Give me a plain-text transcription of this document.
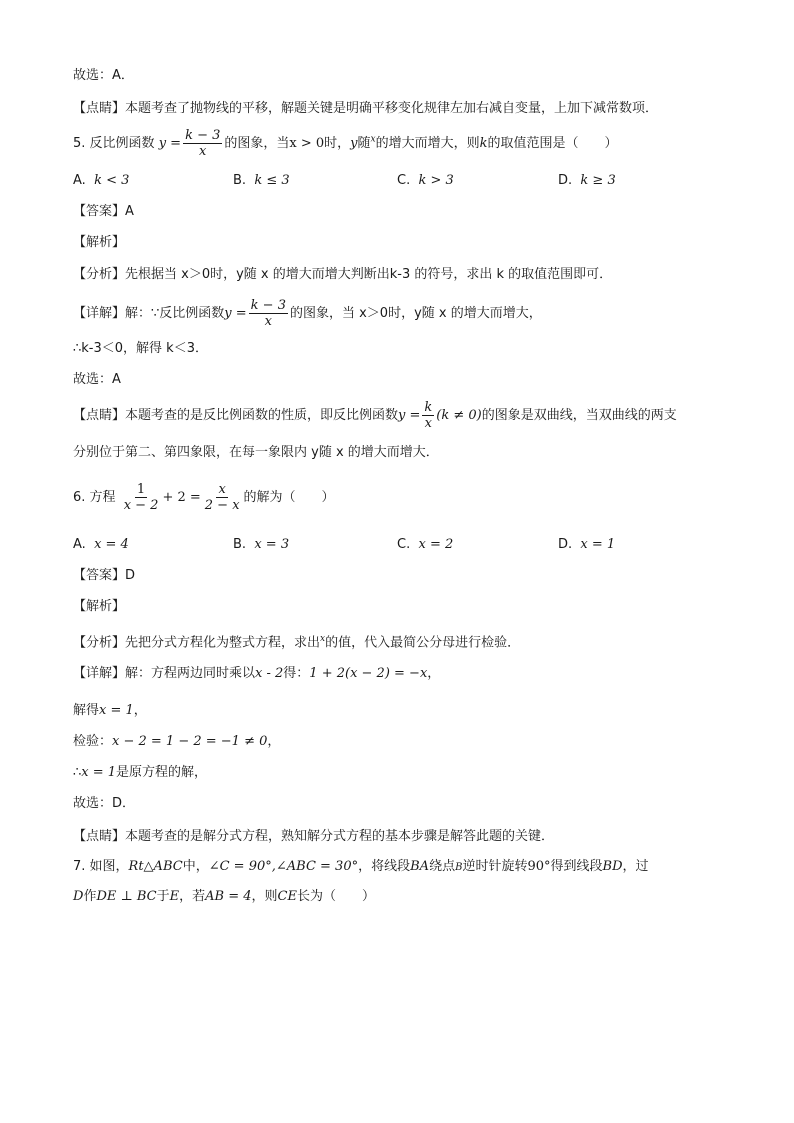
故选：A．
【点睛】本题考查了抛物线的平移，解题关键是明确平移变化规律左加右减自变量，上加下减常数项．
5. 反比例函数 $y = \frac{k - 3}{x}$ 的图象，当x > 0时，y随$^x$的增大而增大，则k的取值范围是（　　）
A. k < 3	B. k ≤ 3	C. k > 3	D. k ≥ 3
【答案】A
【解析】
【分析】先根据当 x＞0时，y随 x 的增大而增大判断出k-3 的符号，求出 k 的取值范围即可．
【详解】解：∵反比例函数$y = \frac{k - 3}{x}$ 的图象，当 x＞0时，y随 x 的增大而增大，
∴k-3＜0，解得 k＜3．
故选：A
【点睛】本题考查的是反比例函数的性质，即反比例函数$y = \frac{k}{x} (k \ne 0)$的图象是双曲线，当双曲线的两支
分别位于第二、第四象限，在每一象限内 y随 x 的增大而增大．
6. 方程 $\frac{1}{x - 2} + 2 = \frac{x}{2 - x}$ 的解为（　　）
A. x = 4	B. x = 3	C. x = 2	D. x = 1
【答案】D
【解析】
【分析】先把分式方程化为整式方程，求出$^x$的值，代入最简公分母进行检验．
【详解】解：方程两边同时乘以x - 2得：1 + 2(x − 2) = −x，
解得x = 1，
检验：x − 2 = 1 − 2 = −1 ≠ 0，
∴x = 1是原方程的解，
故选：D．
【点睛】本题考查的是解分式方程，熟知解分式方程的基本步骤是解答此题的关键．
7. 如图，Rt△ABC中，∠C = 90°,∠ABC = 30°，将线段BA绕点B逆时针旋转90°得到线段BD，过
D作DE ⊥ BC于E，若AB = 4，则CE长为（　　）
